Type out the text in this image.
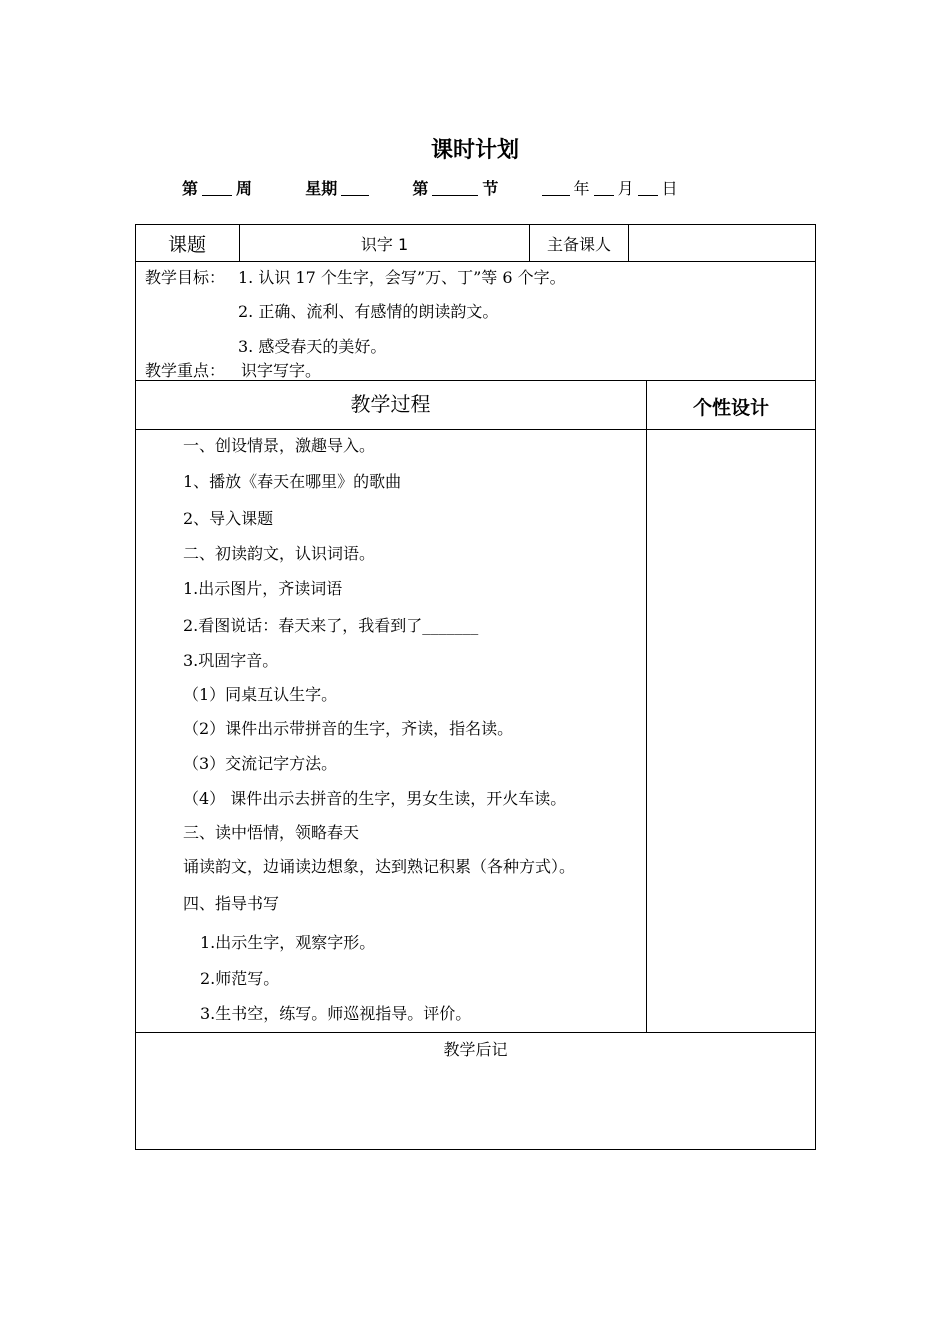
课时计划
第 周	星期	第	节	年 月 日
课题	识字 1	主备课人
教学目标： 1. 认识 17 个生字，会写”万、丁”等 6 个字。
2. 正确、流利、有感情的朗读韵文。
3. 感受春天的美好。
教学重点： 识字写字。
教学过程	个性设计
一、创设情景，激趣导入。
1、播放《春天在哪里》的歌曲
2、导入课题
二、初读韵文，认识词语。
1.出示图片，齐读词语
2.看图说话：春天来了，我看到了_______
3.巩固字音。
（1）同桌互认生字。
（2）课件出示带拼音的生字，齐读，指名读。
（3）交流记字方法。
（4） 课件出示去拼音的生字，男女生读，开火车读。
三、读中悟情，领略春天
诵读韵文，边诵读边想象，达到熟记积累（各种方式）。
四、指导书写
1.出示生字，观察字形。
2.师范写。
3.生书空，练写。师巡视指导。评价。
教学后记
